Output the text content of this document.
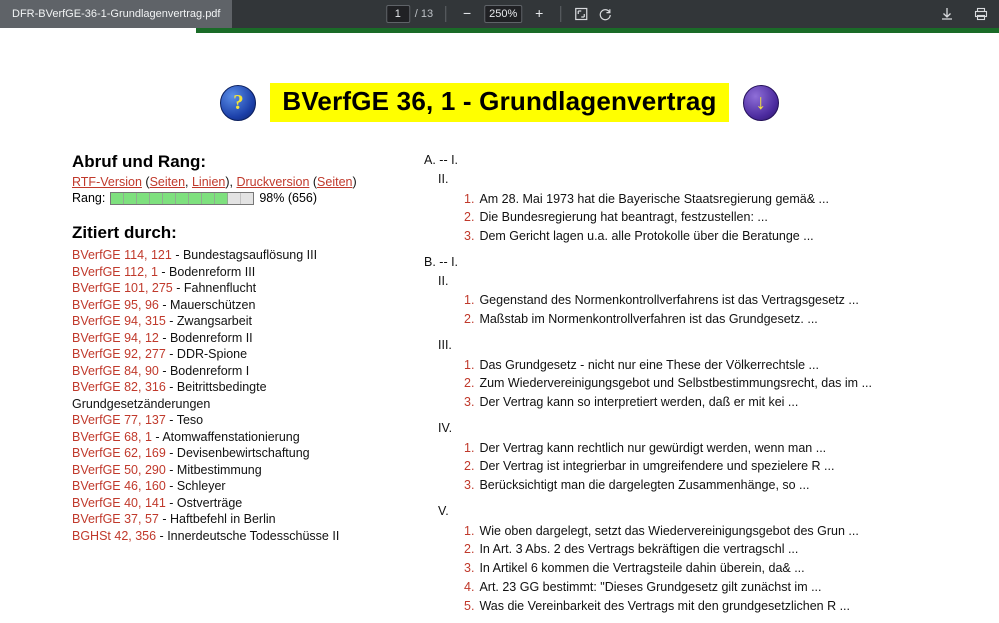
DFR-BVerfGE-36-1-Grundlagenvertrag.pdf
1	/ 13	−	250%	+
?	BVerfGE 36, 1 - Grundlagenvertrag	↓
Abruf und Rang:
RTF-Version (Seiten, Linien), Druckversion (Seiten)
Rang:	98% (656)
Zitiert durch:
BVerfGE 114, 121 - Bundestagsauflösung III
BVerfGE 112, 1 - Bodenreform III
BVerfGE 101, 275 - Fahnenflucht
BVerfGE 95, 96 - Mauerschützen
BVerfGE 94, 315 - Zwangsarbeit
BVerfGE 94, 12 - Bodenreform II
BVerfGE 92, 277 - DDR-Spione
BVerfGE 84, 90 - Bodenreform I
BVerfGE 82, 316 - Beitrittsbedingte Grundgesetzänderungen
BVerfGE 77, 137 - Teso
BVerfGE 68, 1 - Atomwaffenstationierung
BVerfGE 62, 169 - Devisenbewirtschaftung
BVerfGE 50, 290 - Mitbestimmung
BVerfGE 46, 160 - Schleyer
BVerfGE 40, 141 - Ostverträge
BVerfGE 37, 57 - Haftbefehl in Berlin
BGHSt 42, 356 - Innerdeutsche Todesschüsse II
A. -- I.
II.
1. Am 28. Mai 1973 hat die Bayerische Staatsregierung gemä& ...
2. Die Bundesregierung hat beantragt, festzustellen: ...
3. Dem Gericht lagen u.a. alle Protokolle über die Beratunge ...
B. -- I.
II.
1. Gegenstand des Normenkontrollverfahrens ist das Vertragsgesetz ...
2. Maßstab im Normenkontrollverfahren ist das Grundgesetz. ...
III.
1. Das Grundgesetz - nicht nur eine These der Völkerrechtsle ...
2. Zum Wiedervereinigungsgebot und Selbstbestimmungsrecht, das im ...
3. Der Vertrag kann so interpretiert werden, daß er mit kei ...
IV.
1. Der Vertrag kann rechtlich nur gewürdigt werden, wenn man ...
2. Der Vertrag ist integrierbar in umgreifendere und spezielere R ...
3. Berücksichtigt man die dargelegten Zusammenhänge, so ...
V.
1. Wie oben dargelegt, setzt das Wiedervereinigungsgebot des Grun ...
2. In Art. 3 Abs. 2 des Vertrags bekräftigen die vertragschl ...
3. In Artikel 6 kommen die Vertragsteile dahin überein, da& ...
4. Art. 23 GG bestimmt: "Dieses Grundgesetz gilt zunächst im ...
5. Was die Vereinbarkeit des Vertrags mit den grundgesetzlichen R ...
